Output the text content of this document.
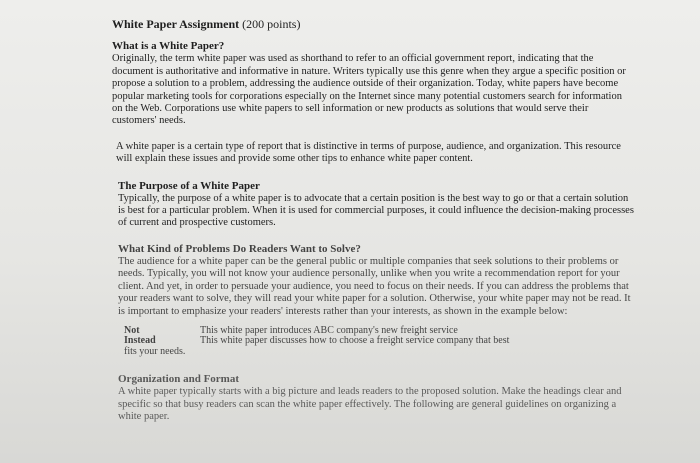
White Paper Assignment (200 points)
What is a White Paper?

Originally, the term white paper was used as shorthand to refer to an official government report, indicating that the document is authoritative and informative in nature. Writers typically use this genre when they argue a specific position or propose a solution to a problem, addressing the audience outside of their organization. Today, white papers have become popular marketing tools for corporations especially on the Internet since many potential customers search for information on the Web. Corporations use white papers to sell information or new products as solutions that would serve their customers' needs.

A white paper is a certain type of report that is distinctive in terms of purpose, audience, and organization. This resource will explain these issues and provide some other tips to enhance white paper content.

The Purpose of a White Paper

Typically, the purpose of a white paper is to advocate that a certain position is the best way to go or that a certain solution is best for a particular problem. When it is used for commercial purposes, it could influence the decision-making processes of current and prospective customers.

What Kind of Problems Do Readers Want to Solve?

The audience for a white paper can be the general public or multiple companies that seek solutions to their problems or needs. Typically, you will not know your audience personally, unlike when you write a recommendation report for your client. And yet, in order to persuade your audience, you need to focus on their needs. If you can address the problems that your readers want to solve, they will read your white paper for a solution. Otherwise, your white paper may not be read. It is important to emphasize your readers' interests rather than your interests, as shown in the example below:

Not	This white paper introduces ABC company's new freight service
Instead	This white paper discusses how to choose a freight service company that best
fits your needs.
Organization and Format

A white paper typically starts with a big picture and leads readers to the proposed solution. Make the headings clear and specific so that busy readers can scan the white paper effectively. The following are general guidelines on organizing a white paper.
